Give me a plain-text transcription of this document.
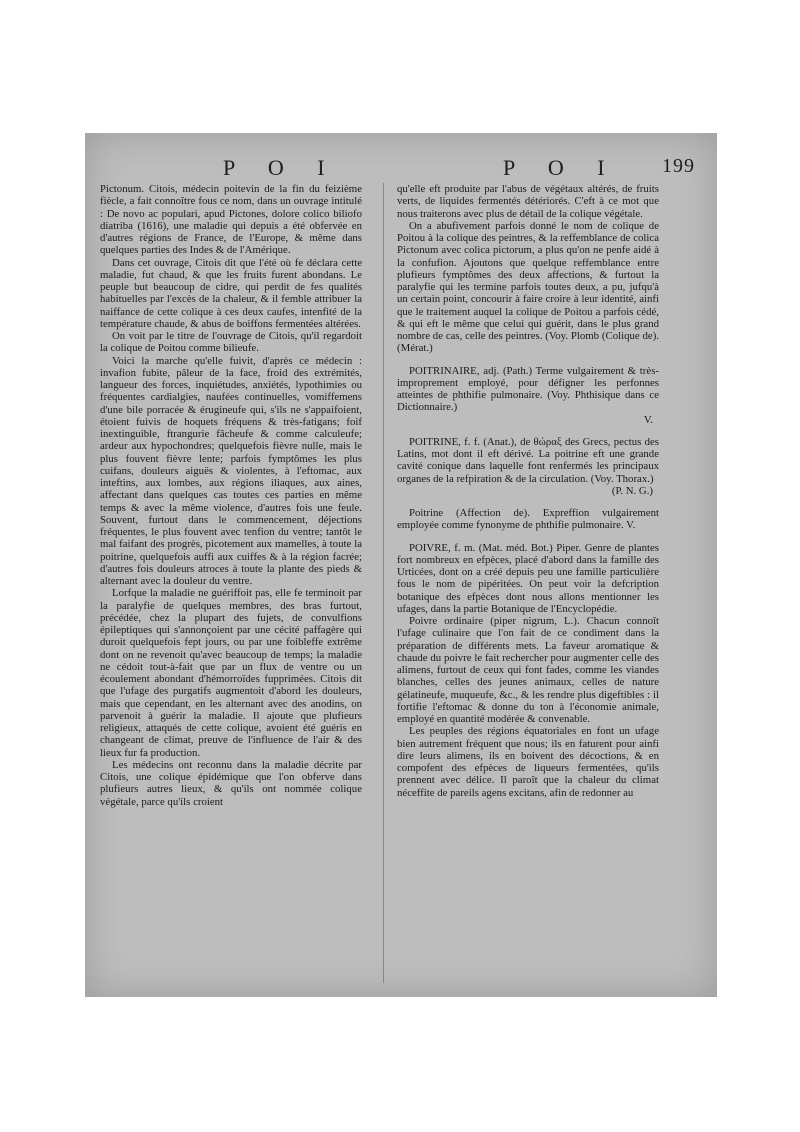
P O I	P O I 199

Pictonum. Citois, médecin poitevin de la fin du feizième fiècle, a fait connoître fous ce nom, dans un ouvrage intitulé : De novo ac populari, apud Pictones, dolore colico biliofo diatriba (1616), une maladie qui depuis a été obfervée en d'autres régions de France, de l'Europe, & même dans quelques parties des Indes & de l'Amérique.

Dans cet ouvrage, Citois dit que l'été où fe déclara cette maladie, fut chaud, & que les fruits furent abondans. Le peuple but beaucoup de cidre, qui perdit de fes qualités habituelles par l'excès de la chaleur, & il femble attribuer la naiffance de cette colique à ces deux caufes, intenfité de la température chaude, & abus de boiffons fermentées altérées.

On voit par le titre de l'ouvrage de Citois, qu'il regardoit la colique de Poitou comme bilieufe.

Voici la marche qu'elle fuivit, d'après ce médecin : invafion fubite, pâleur de la face, froid des extrémités, langueur des forces, inquiétudes, anxiétés, lypothimies ou fréquentes cardialgies, naufées continuelles, vomiffemens d'une bile porracée & érugineufe qui, s'ils ne s'appaifoient, étoient fuivis de hoquets fréquens & très-fatigans; foif inextinguible, ftrangurie fâcheufe & comme calculeufe; ardeur aux hypochondres; quelquefois fièvre nulle, mais le plus fouvent fièvre lente; parfois fymptômes les plus cuifans, douleurs aiguës & violentes, à l'eftomac, aux inteftins, aux lombes, aux régions iliaques, aux aines, affectant dans quelques cas toutes ces parties en même temps & avec la même violence, d'autres fois une feule. Souvent, furtout dans le commencement, déjections fréquentes, le plus fouvent avec tenfion du ventre; tantôt le mal faifant des progrès, picotement aux mamelles, à toute la poitrine, quelquefois auffi aux cuiffes & à la région facrée; d'autres fois douleurs atroces à toute la plante des pieds & alternant avec la douleur du ventre.

Lorfque la maladie ne guériffoit pas, elle fe terminoit par la paralyfie de quelques membres, des bras furtout, précédée, chez la plupart des fujets, de convulfions épileptiques qui s'annonçoient par une cécité paffagère qui duroit quelquefois fept jours, ou par une foibleffe extrême dont on ne revenoit qu'avec beaucoup de temps; la maladie ne cédoit tout-à-fait que par un flux de ventre ou un écoulement abondant d'hémorroïdes fupprimées. Citois dit que l'ufage des purgatifs augmentoit d'abord les douleurs, mais que cependant, en les alternant avec des anodins, on parvenoit à guérir la maladie. Il ajoute que plufieurs religieux, attaqués de cette colique, avoient été guéris en changeant de climat, preuve de l'influence de l'air & des lieux fur fa production.

Les médecins ont reconnu dans la maladie décrite par Citois, une colique épidémique que l'on obferve dans plufieurs autres lieux, & qu'ils ont nommée colique végétale, parce qu'ils croient

qu'elle eft produite par l'abus de végétaux altérés, de fruits verts, de liquides fermentés détériorés. C'eft à ce mot que nous traiterons avec plus de détail de la colique végétale.

On a abufivement parfois donné le nom de colique de Poitou à la colique des peintres, & la reffemblance de colica Pictonum avec colica pictorum, a plus qu'on ne penfe aidé à la confufion. Ajoutons que quelque reffemblance entre plufieurs fymptômes des deux affections, & furtout la paralyfie qui les termine parfois toutes deux, a pu, jufqu'à un certain point, concourir à faire croire à leur identité, ainfi que le traitement auquel la colique de Poitou a parfois cédé, & qui eft le même que celui qui guérit, dans le plus grand nombre de cas, celle des peintres. (Voy. Plomb (Colique de). (Mérat.)

POITRINAIRE, adj. (Path.) Terme vulgairement & très-improprement employé, pour défigner les perfonnes atteintes de phthifie pulmonaire. (Voy. Phthisique dans ce Dictionnaire.)

V.

POITRINE, f. f. (Anat.), de θώραξ des Grecs, pectus des Latins, mot dont il eft dérivé. La poitrine eft une grande cavité conique dans laquelle font renfermés les principaux organes de la refpiration & de la circulation. (Voy. Thorax.)

(P. N. G.)

Poitrine (Affection de). Expreffion vulgairement employée comme fynonyme de phthifie pulmonaire. V.

POIVRE, f. m. (Mat. méd. Bot.) Piper. Genre de plantes fort nombreux en efpèces, placé d'abord dans la famille des Urticées, dont on a créé depuis peu une famille particulière fous le nom de pipéritées. On peut voir la defcription botanique des efpèces dont nous allons mentionner les ufages, dans la partie Botanique de l'Encyclopédie.

Poivre ordinaire (piper nigrum, L.). Chacun connoît l'ufage culinaire que l'on fait de ce condiment dans la préparation de différents mets. La faveur aromatique & chaude du poivre le fait rechercher pour augmenter celle des alimens, furtout de ceux qui font fades, comme les viandes blanches, celles des jeunes animaux, celles de nature gélatineufe, muqueufe, &c., & les rendre plus digeftibles : il fortifie l'eftomac & donne du ton à l'économie animale, employé en quantité modérée & convenable.

Les peuples des régions équatoriales en font un ufage bien autrement fréquent que nous; ils en faturent pour ainfi dire leurs alimens, ils en boivent des décoctions, & en compofent des efpèces de liqueurs fermentées, qu'ils prennent avec délice. Il paroît que la chaleur du climat néceffite de pareils agens excitans, afin de redonner au
